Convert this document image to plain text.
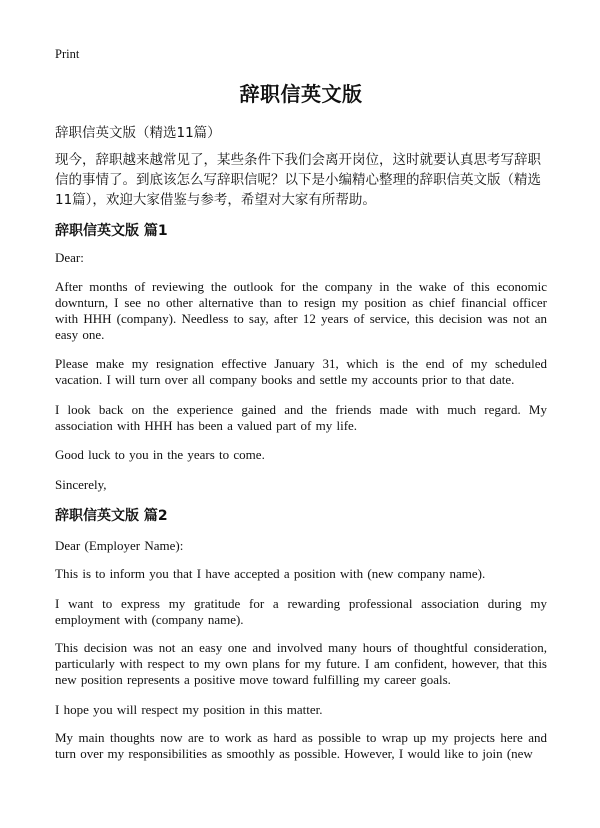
Print
辞职信英文版
辞职信英文版（精选11篇）

现今，辞职越来越常见了，某些条件下我们会离开岗位，这时就要认真思考写辞职信的事情了。到底该怎么写辞职信呢？以下是小编精心整理的辞职信英文版（精选11篇），欢迎大家借鉴与参考，希望对大家有所帮助。

辞职信英文版 篇1

Dear:

After months of reviewing the outlook for the company in the wake of this economic downturn, I see no other alternative than to resign my position as chief financial officer with HHH (company). Needless to say, after 12 years of service, this decision was not an easy one.

Please make my resignation effective January 31, which is the end of my scheduled vacation. I will turn over all company books and settle my accounts prior to that date.

I look back on the experience gained and the friends made with much regard. My association with HHH has been a valued part of my life.

Good luck to you in the years to come.

Sincerely,

辞职信英文版 篇2

Dear (Employer Name):

This is to inform you that I have accepted a position with (new company name).

I want to express my gratitude for a rewarding professional association during my employment with (company name).

This decision was not an easy one and involved many hours of thoughtful consideration, particularly with respect to my own plans for my future. I am confident, however, that this new position represents a positive move toward fulfilling my career goals.

I hope you will respect my position in this matter.

My main thoughts now are to work as hard as possible to wrap up my projects here and turn over my responsibilities as smoothly as possible. However, I would like to join (new
